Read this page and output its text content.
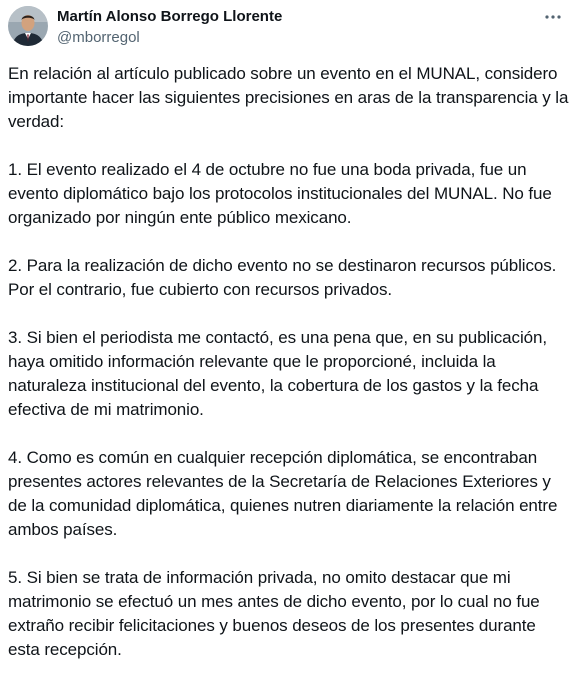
Martín Alonso Borrego Llorente
@mborregol

En relación al artículo publicado sobre un evento en el MUNAL, considero importante hacer las siguientes precisiones en aras de la transparencia y la verdad:

1. El evento realizado el 4 de octubre no fue una boda privada, fue un evento diplomático bajo los protocolos institucionales del MUNAL. No fue organizado por ningún ente público mexicano.

2. Para la realización de dicho evento no se destinaron recursos públicos. Por el contrario, fue cubierto con recursos privados.

3. Si bien el periodista me contactó, es una pena que, en su publicación, haya omitido información relevante que le proporcioné, incluida la naturaleza institucional del evento, la cobertura de los gastos y la fecha efectiva de mi matrimonio.

4. Como es común en cualquier recepción diplomática, se encontraban presentes actores relevantes de la Secretaría de Relaciones Exteriores y de la comunidad diplomática, quienes nutren diariamente la relación entre ambos países.

5. Si bien se trata de información privada, no omito destacar que mi matrimonio se efectuó un mes antes de dicho evento, por lo cual no fue extraño recibir felicitaciones y buenos deseos de los presentes durante esta recepción.
